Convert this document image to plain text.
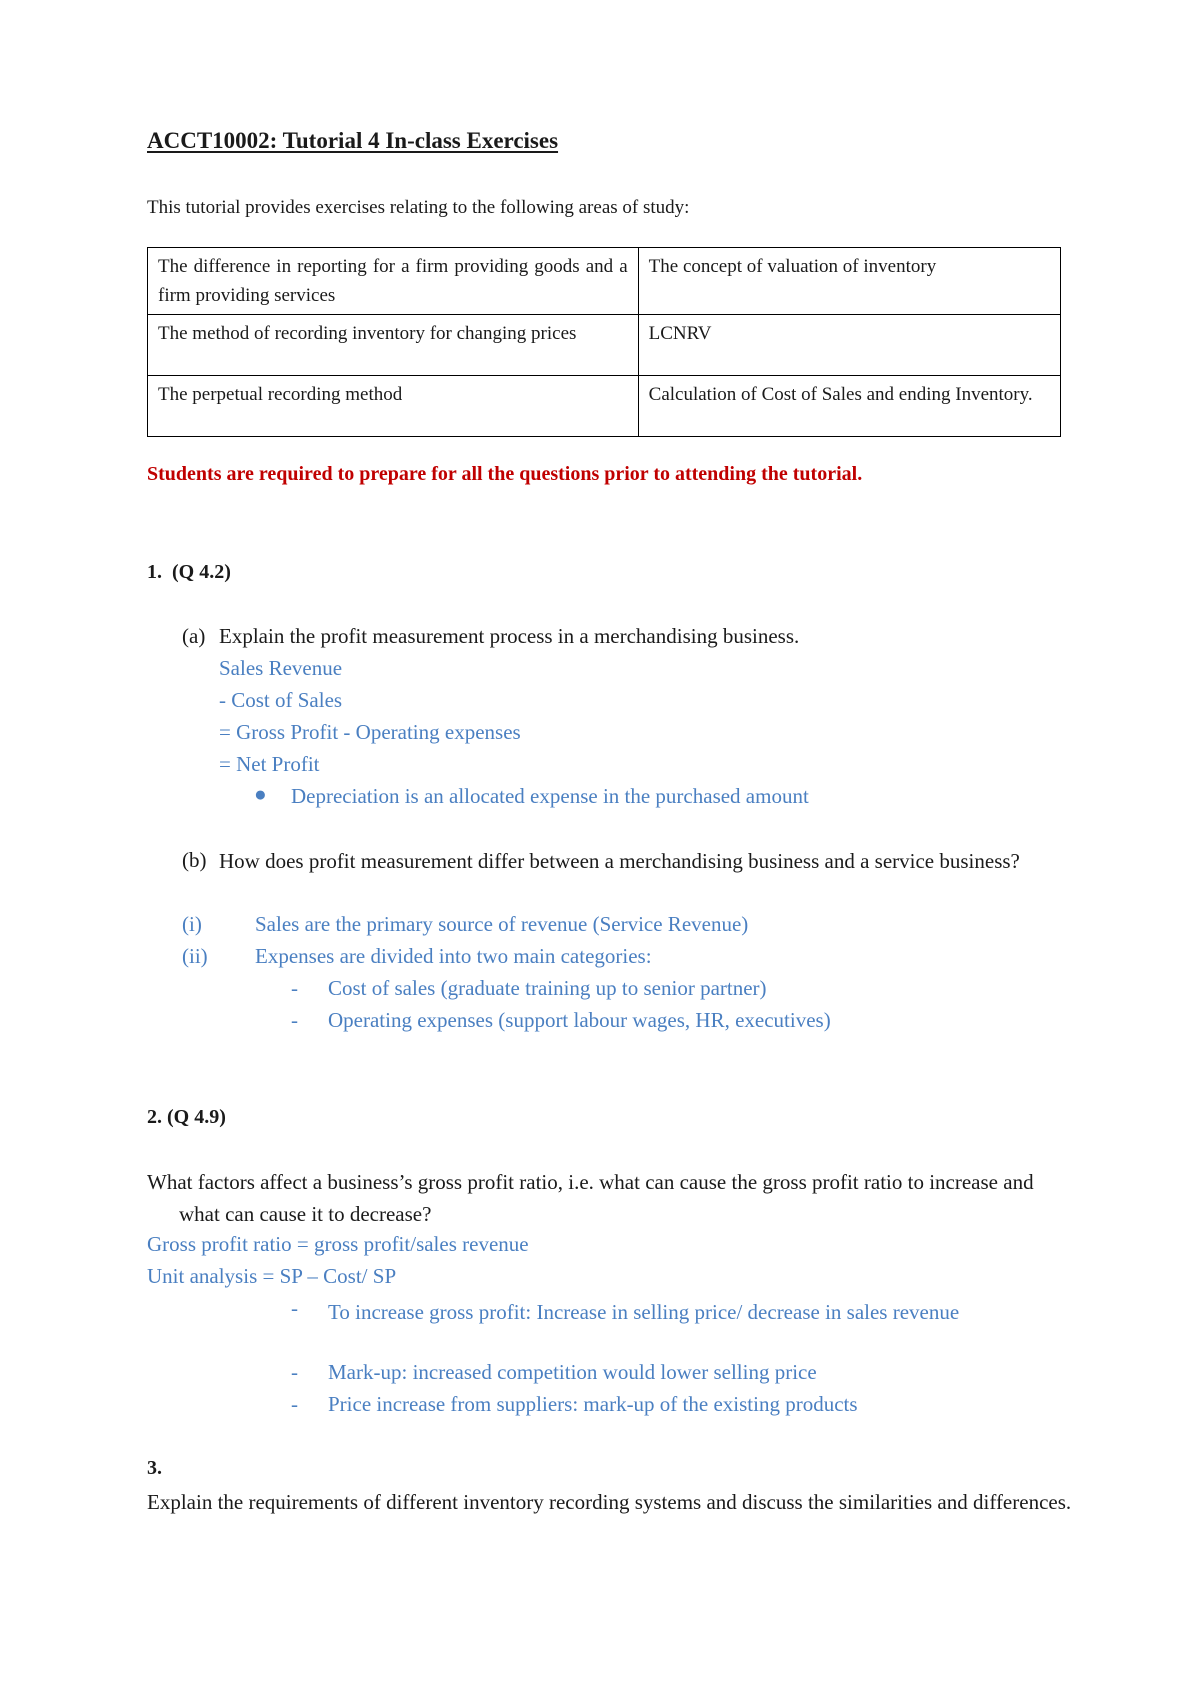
ACCT10002: Tutorial 4 In-class Exercises
This tutorial provides exercises relating to the following areas of study:
The difference in reporting for a firm providing goods and a firm providing services	The concept of valuation of inventory
The method of recording inventory for changing prices	LCNRV
The perpetual recording method	Calculation of Cost of Sales and ending Inventory.
Students are required to prepare for all the questions prior to attending the tutorial.
1. (Q 4.2)
(a) Explain the profit measurement process in a merchandising business.
Sales Revenue
- Cost of Sales
= Gross Profit - Operating expenses
= Net Profit
● Depreciation is an allocated expense in the purchased amount
(b) How does profit measurement differ between a merchandising business and a service business?
(i)	Sales are the primary source of revenue (Service Revenue)
(ii) Expenses are divided into two main categories:
- Cost of sales (graduate training up to senior partner)
- Operating expenses (support labour wages, HR, executives)
2. (Q 4.9)
What factors affect a business’s gross profit ratio, i.e. what can cause the gross profit ratio to increase and what can cause it to decrease?
Gross profit ratio = gross profit/sales revenue
Unit analysis = SP – Cost/ SP
- To increase gross profit: Increase in selling price/ decrease in sales revenue
- Mark-up: increased competition would lower selling price
- Price increase from suppliers: mark-up of the existing products
3.
Explain the requirements of different inventory recording systems and discuss the similarities and differences.
